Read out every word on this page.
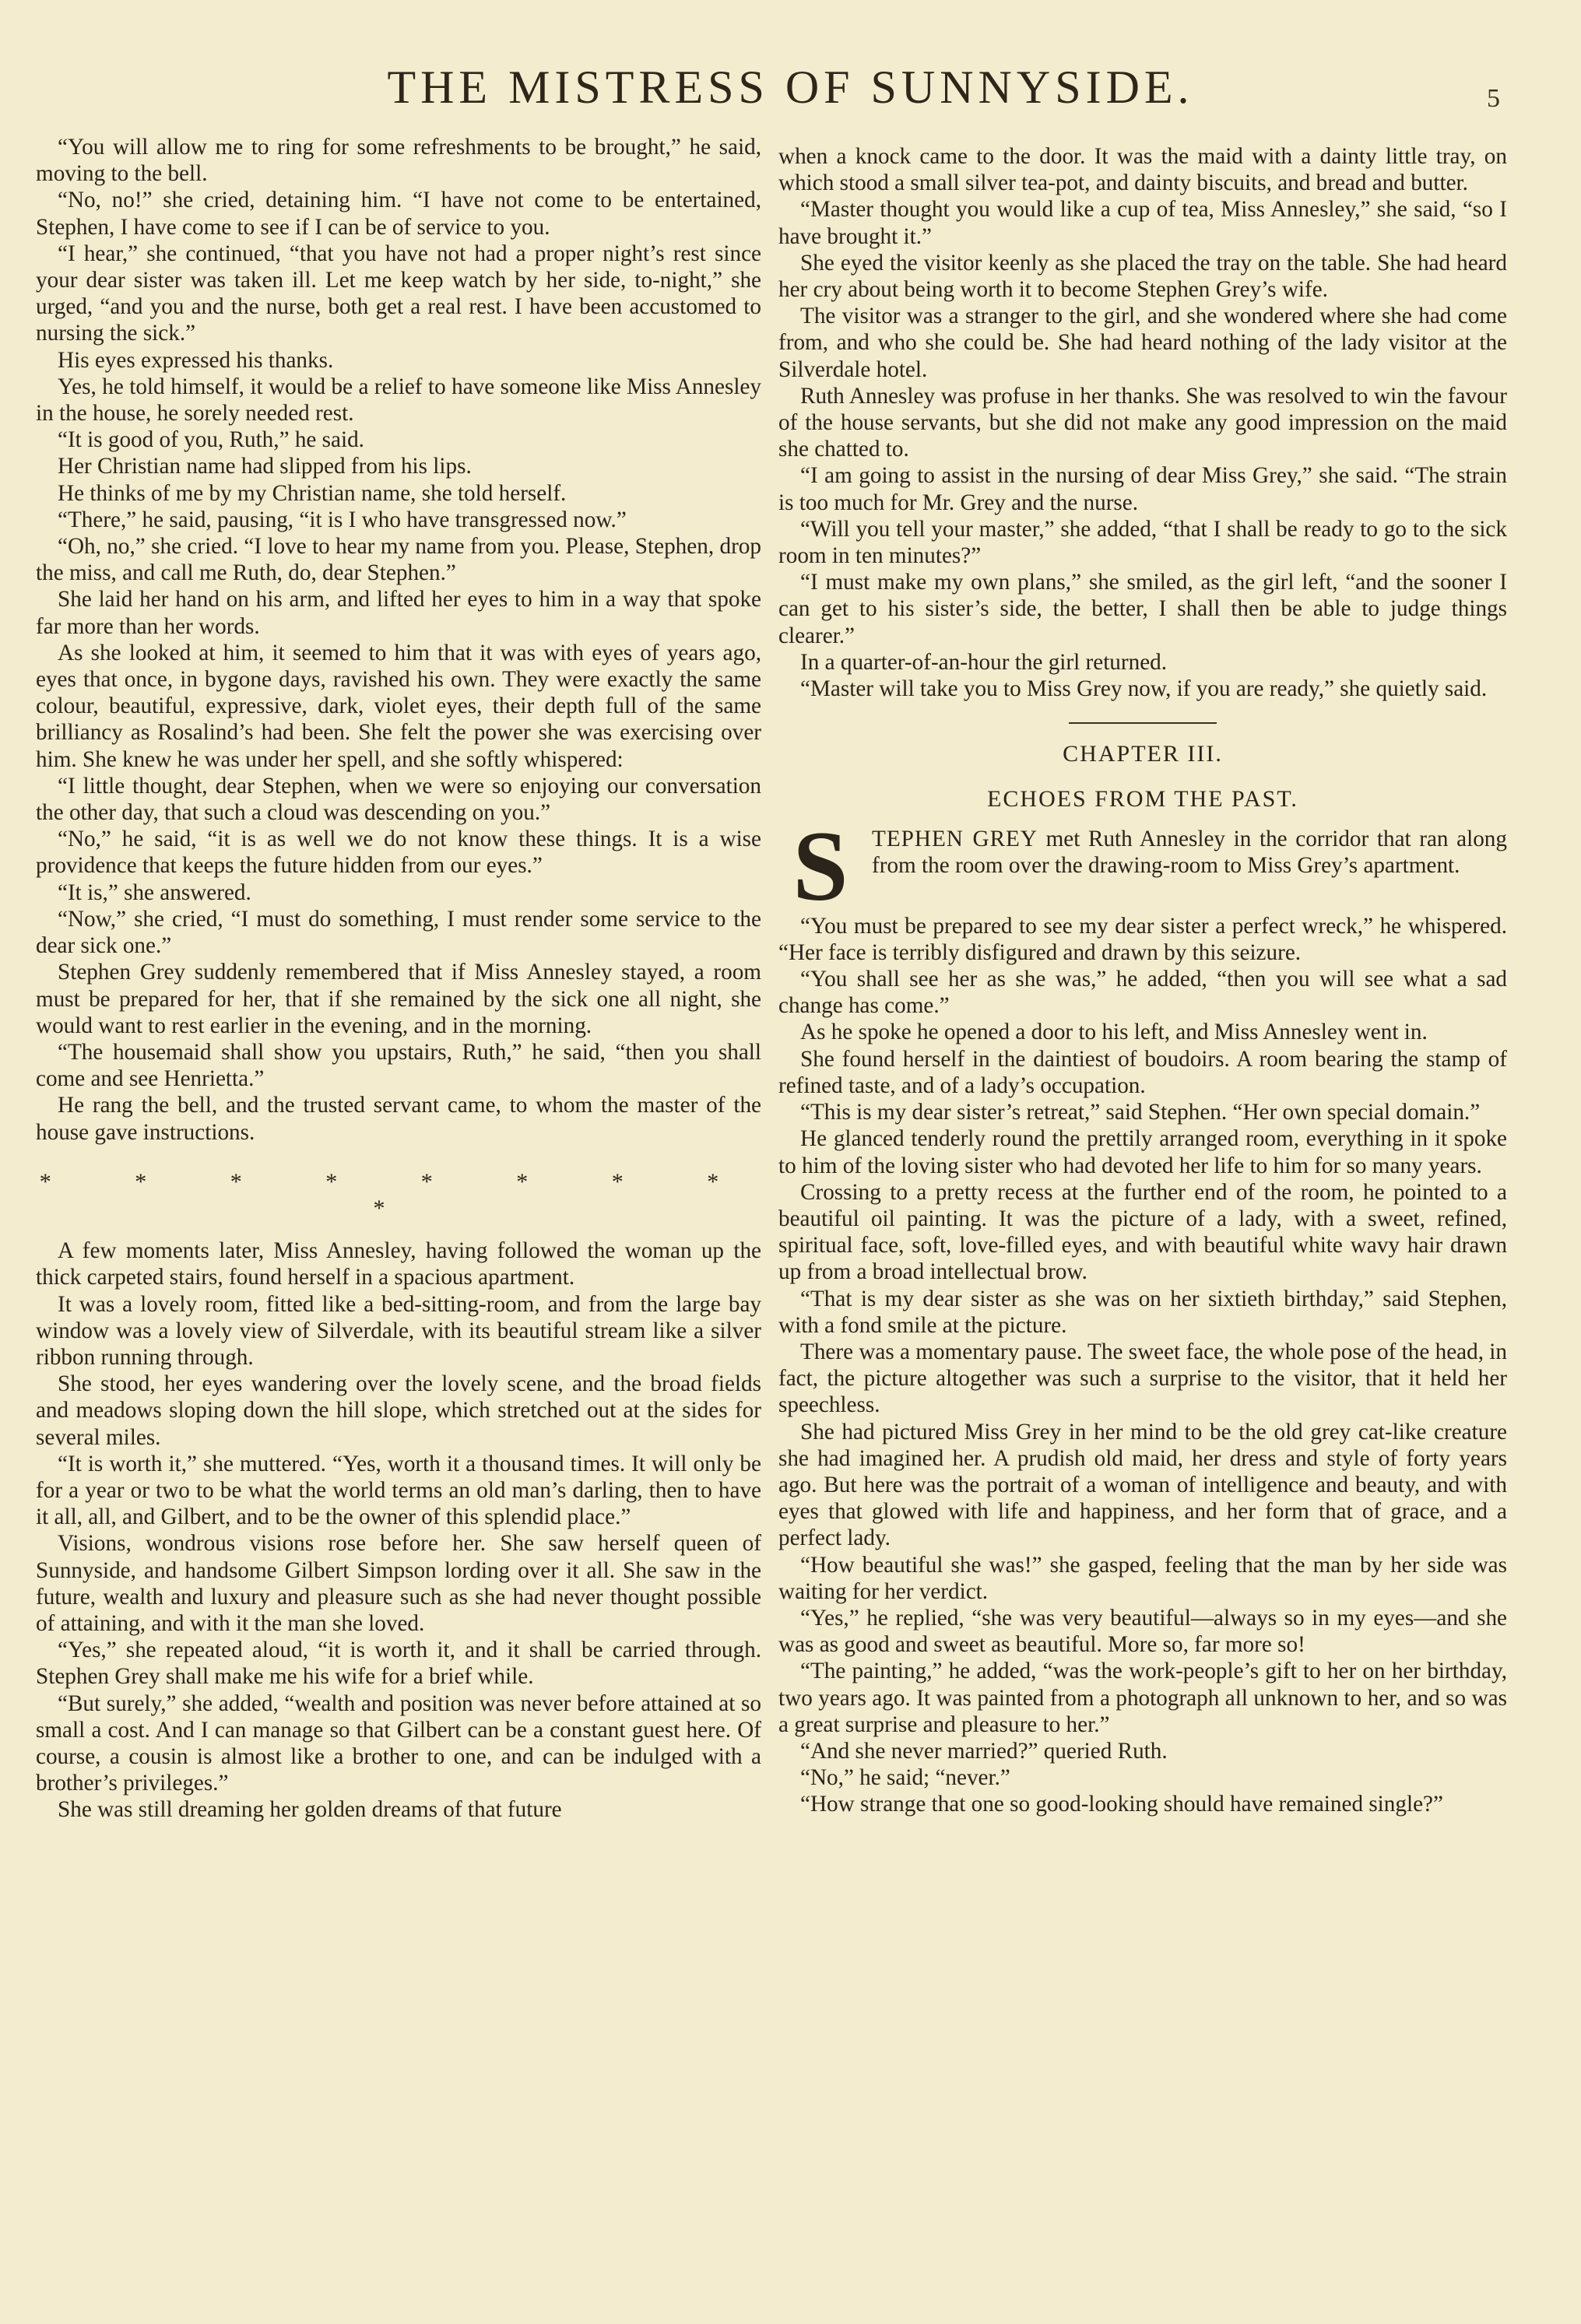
THE MISTRESS OF SUNNYSIDE.	5

“You will allow me to ring for some refreshments to be brought,” he said, moving to the bell.

“No, no!” she cried, detaining him. “I have not come to be entertained, Stephen, I have come to see if I can be of service to you.

“I hear,” she continued, “that you have not had a proper night’s rest since your dear sister was taken ill. Let me keep watch by her side, to-night,” she urged, “and you and the nurse, both get a real rest. I have been accustomed to nursing the sick.”

His eyes expressed his thanks.

Yes, he told himself, it would be a relief to have someone like Miss Annesley in the house, he sorely needed rest.

“It is good of you, Ruth,” he said.

Her Christian name had slipped from his lips.

He thinks of me by my Christian name, she told herself.

“There,” he said, pausing, “it is I who have transgressed now.”

“Oh, no,” she cried. “I love to hear my name from you. Please, Stephen, drop the miss, and call me Ruth, do, dear Stephen.”

She laid her hand on his arm, and lifted her eyes to him in a way that spoke far more than her words.

As she looked at him, it seemed to him that it was with eyes of years ago, eyes that once, in bygone days, ravished his own. They were exactly the same colour, beautiful, expressive, dark, violet eyes, their depth full of the same brilliancy as Rosalind’s had been. She felt the power she was exercising over him. She knew he was under her spell, and she softly whispered:

“I little thought, dear Stephen, when we were so enjoying our conversation the other day, that such a cloud was descending on you.”

“No,” he said, “it is as well we do not know these things. It is a wise providence that keeps the future hidden from our eyes.”

“It is,” she answered.

“Now,” she cried, “I must do something, I must render some service to the dear sick one.”

Stephen Grey suddenly remembered that if Miss Annesley stayed, a room must be prepared for her, that if she remained by the sick one all night, she would want to rest earlier in the evening, and in the morning.

“The housemaid shall show you upstairs, Ruth,” he said, “then you shall come and see Henrietta.”

He rang the bell, and the trusted servant came, to whom the master of the house gave instructions.

* * * * * * * * *

A few moments later, Miss Annesley, having followed the woman up the thick carpeted stairs, found herself in a spacious apartment.

It was a lovely room, fitted like a bed-sitting-room, and from the large bay window was a lovely view of Silverdale, with its beautiful stream like a silver ribbon running through.

She stood, her eyes wandering over the lovely scene, and the broad fields and meadows sloping down the hill slope, which stretched out at the sides for several miles.

“It is worth it,” she muttered. “Yes, worth it a thousand times. It will only be for a year or two to be what the world terms an old man’s darling, then to have it all, all, and Gilbert, and to be the owner of this splendid place.”

Visions, wondrous visions rose before her. She saw herself queen of Sunnyside, and handsome Gilbert Simpson lording over it all. She saw in the future, wealth and luxury and pleasure such as she had never thought possible of attaining, and with it the man she loved.

“Yes,” she repeated aloud, “it is worth it, and it shall be carried through. Stephen Grey shall make me his wife for a brief while.

“But surely,” she added, “wealth and position was never before attained at so small a cost. And I can manage so that Gilbert can be a constant guest here. Of course, a cousin is almost like a brother to one, and can be indulged with a brother’s privileges.”

She was still dreaming her golden dreams of that future

when a knock came to the door. It was the maid with a dainty little tray, on which stood a small silver tea-pot, and dainty biscuits, and bread and butter.

“Master thought you would like a cup of tea, Miss Annesley,” she said, “so I have brought it.”

She eyed the visitor keenly as she placed the tray on the table. She had heard her cry about being worth it to become Stephen Grey’s wife.

The visitor was a stranger to the girl, and she wondered where she had come from, and who she could be. She had heard nothing of the lady visitor at the Silverdale hotel.

Ruth Annesley was profuse in her thanks. She was resolved to win the favour of the house servants, but she did not make any good impression on the maid she chatted to.

“I am going to assist in the nursing of dear Miss Grey,” she said. “The strain is too much for Mr. Grey and the nurse.

“Will you tell your master,” she added, “that I shall be ready to go to the sick room in ten minutes?”

“I must make my own plans,” she smiled, as the girl left, “and the sooner I can get to his sister’s side, the better, I shall then be able to judge things clearer.”

In a quarter-of-an-hour the girl returned.

“Master will take you to Miss Grey now, if you are ready,” she quietly said.

CHAPTER III.
ECHOES FROM THE PAST.

S	TEPHEN GREY met Ruth Annesley in the corridor that ran along from the room over the drawing-room to Miss Grey’s apartment.

“You must be prepared to see my dear sister a perfect wreck,” he whispered. “Her face is terribly disfigured and drawn by this seizure.

“You shall see her as she was,” he added, “then you will see what a sad change has come.”

As he spoke he opened a door to his left, and Miss Annesley went in.

She found herself in the daintiest of boudoirs. A room bearing the stamp of refined taste, and of a lady’s occupation.

“This is my dear sister’s retreat,” said Stephen. “Her own special domain.”

He glanced tenderly round the prettily arranged room, everything in it spoke to him of the loving sister who had devoted her life to him for so many years.

Crossing to a pretty recess at the further end of the room, he pointed to a beautiful oil painting. It was the picture of a lady, with a sweet, refined, spiritual face, soft, love-filled eyes, and with beautiful white wavy hair drawn up from a broad intellectual brow.

“That is my dear sister as she was on her sixtieth birthday,” said Stephen, with a fond smile at the picture.

There was a momentary pause. The sweet face, the whole pose of the head, in fact, the picture altogether was such a surprise to the visitor, that it held her speechless.

She had pictured Miss Grey in her mind to be the old grey cat-like creature she had imagined her. A prudish old maid, her dress and style of forty years ago. But here was the portrait of a woman of intelligence and beauty, and with eyes that glowed with life and happiness, and her form that of grace, and a perfect lady.

“How beautiful she was!” she gasped, feeling that the man by her side was waiting for her verdict.

“Yes,” he replied, “she was very beautiful—always so in my eyes—and she was as good and sweet as beautiful. More so, far more so!

“The painting,” he added, “was the work-people’s gift to her on her birthday, two years ago. It was painted from a photograph all unknown to her, and so was a great surprise and pleasure to her.”

“And she never married?” queried Ruth.

“No,” he said; “never.”

“How strange that one so good-looking should have remained single?”
